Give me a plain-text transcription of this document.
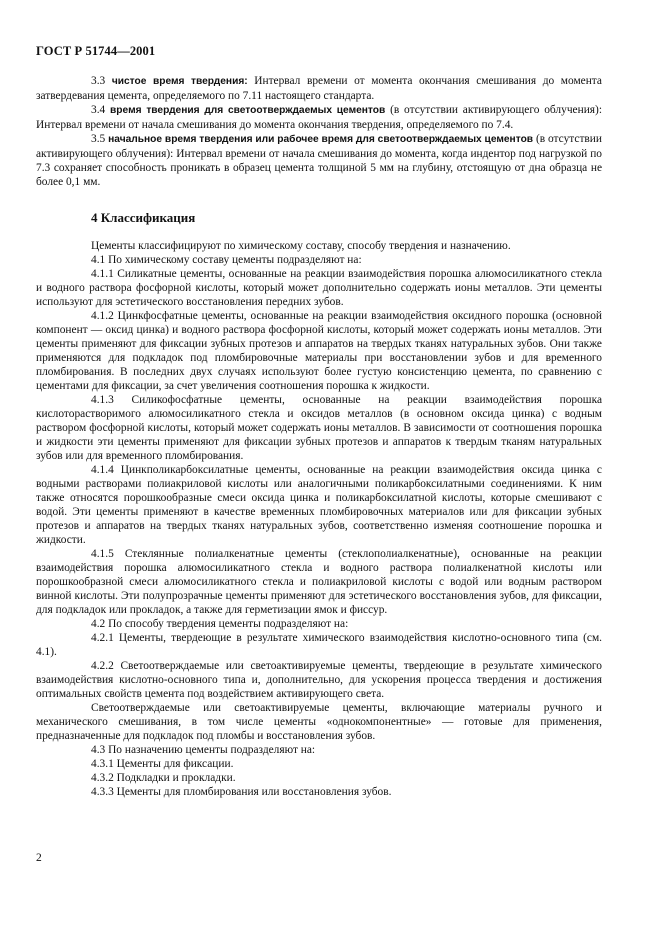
ГОСТ Р 51744—2001

3.3 чистое время твердения: Интервал времени от момента окончания смешивания до момента затвердевания цемента, определяемого по 7.11 настоящего стандарта.

3.4 время твердения для светоотверждаемых цементов (в отсутствии активирующего облучения): Интервал времени от начала смешивания до момента окончания твердения, определяемого по 7.4.

3.5 начальное время твердения или рабочее время для светоотверждаемых цементов (в отсутствии активирующего облучения): Интервал времени от начала смешивания до момента, когда индентор под нагрузкой по 7.3 сохраняет способность проникать в образец цемента толщиной 5 мм на глубину, отстоящую от дна образца не более 0,1 мм.

4 Классификация

Цементы классифицируют по химическому составу, способу твердения и назначению.

4.1 По химическому составу цементы подразделяют на:

4.1.1 Силикатные цементы, основанные на реакции взаимодействия порошка алюмосиликатного стекла и водного раствора фосфорной кислоты, который может дополнительно содержать ионы металлов. Эти цементы используют для эстетического восстановления передних зубов.

4.1.2 Цинкфосфатные цементы, основанные на реакции взаимодействия оксидного порошка (основной компонент — оксид цинка) и водного раствора фосфорной кислоты, который может содержать ионы металлов. Эти цементы применяют для фиксации зубных протезов и аппаратов на твердых тканях натуральных зубов. Они также применяются для подкладок под пломбировочные материалы при восстановлении зубов и для временного пломбирования. В последних двух случаях используют более густую консистенцию цемента, по сравнению с цементами для фиксации, за счет увеличения соотношения порошка к жидкости.

4.1.3 Силикофосфатные цементы, основанные на реакции взаимодействия порошка кислоторастворимого алюмосиликатного стекла и оксидов металлов (в основном оксида цинка) с водным раствором фосфорной кислоты, который может содержать ионы металлов. В зависимости от соотношения порошка и жидкости эти цементы применяют для фиксации зубных протезов и аппаратов к твердым тканям натуральных зубов или для временного пломбирования.

4.1.4 Цинкполикарбоксилатные цементы, основанные на реакции взаимодействия оксида цинка с водными растворами полиакриловой кислоты или аналогичными поликарбоксилатными соединениями. К ним также относятся порошкообразные смеси оксида цинка и поликарбоксилатной кислоты, которые смешивают с водой. Эти цементы применяют в качестве временных пломбировочных материалов или для фиксации зубных протезов и аппаратов на твердых тканях натуральных зубов, соответственно изменяя соотношение порошка и жидкости.

4.1.5 Стеклянные полиалкенатные цементы (стеклополиалкенатные), основанные на реакции взаимодействия порошка алюмосиликатного стекла и водного раствора полиалкенатной кислоты или порошкообразной смеси алюмосиликатного стекла и полиакриловой кислоты с водой или водным раствором винной кислоты. Эти полупрозрачные цементы применяют для эстетического восстановления зубов, для фиксации, для подкладок или прокладок, а также для герметизации ямок и фиссур.

4.2 По способу твердения цементы подразделяют на:

4.2.1 Цементы, твердеющие в результате химического взаимодействия кислотно-основного типа (см. 4.1).

4.2.2 Светоотверждаемые или светоактивируемые цементы, твердеющие в результате химического взаимодействия кислотно-основного типа и, дополнительно, для ускорения процесса твердения и достижения оптимальных свойств цемента под воздействием активирующего света.

Светоотверждаемые или светоактивируемые цементы, включающие материалы ручного и механического смешивания, в том числе цементы «однокомпонентные» — готовые для применения, предназначенные для подкладок под пломбы и восстановления зубов.

4.3 По назначению цементы подразделяют на:

4.3.1 Цементы для фиксации.

4.3.2 Подкладки и прокладки.

4.3.3 Цементы для пломбирования или восстановления зубов.

2
